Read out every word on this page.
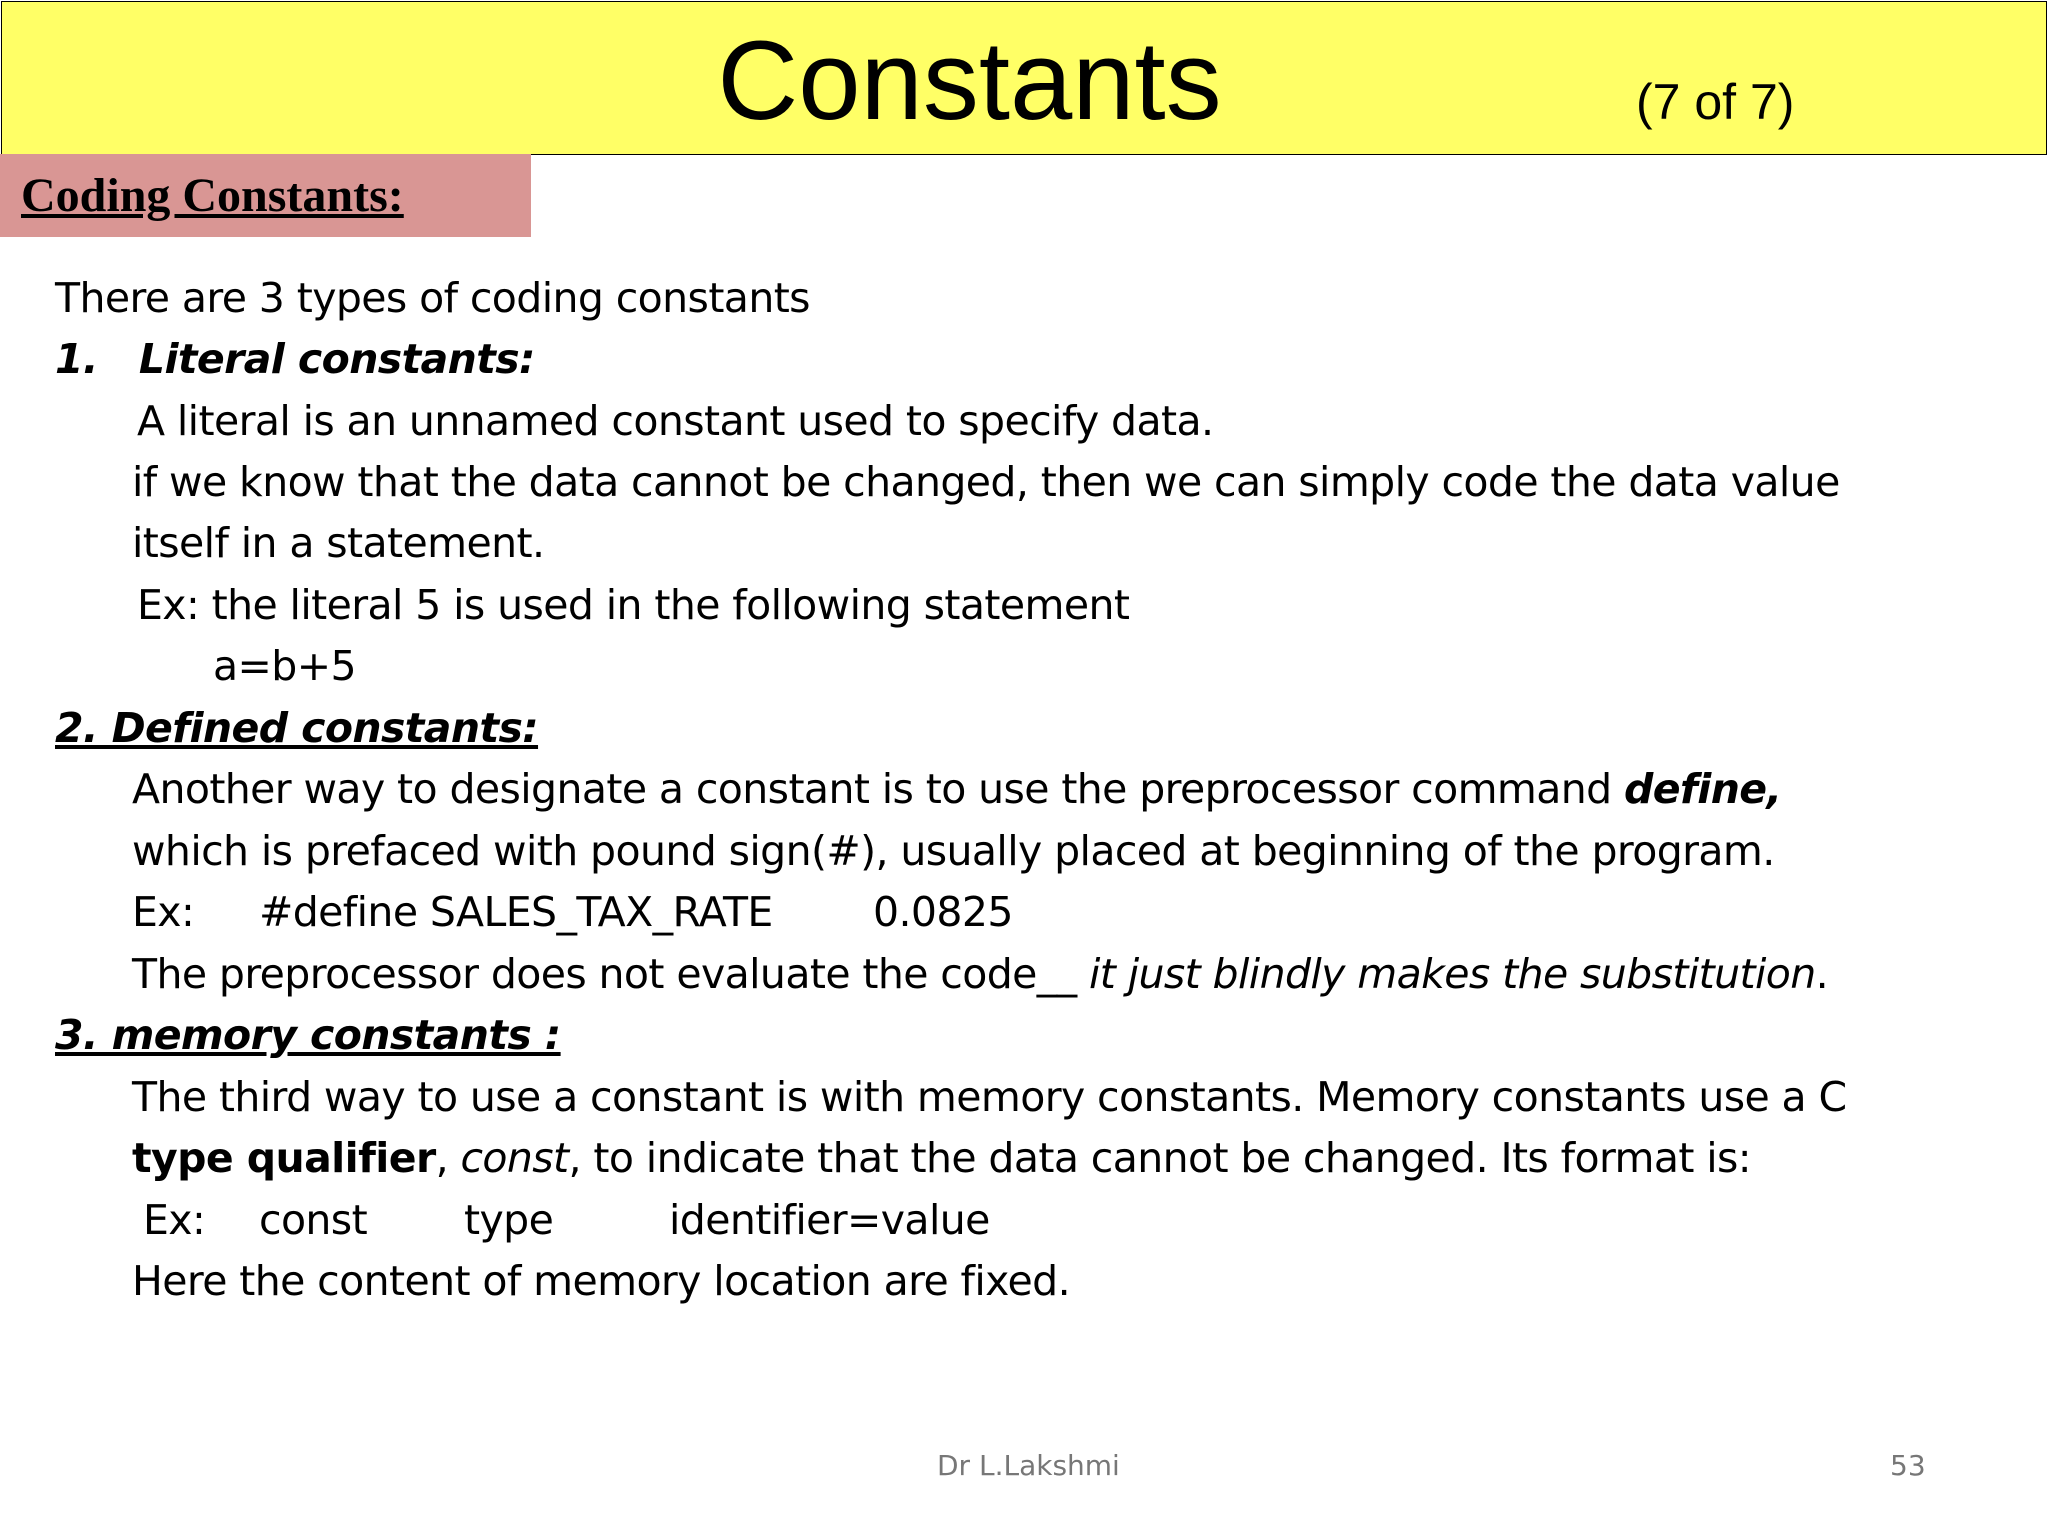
Constants	(7 of 7)
Coding Constants:
There are 3 types of coding constants
1.   Literal constants:
A literal is an unnamed constant used to specify data.
if we know that the data cannot be changed, then we can simply code the data value
itself in a statement.
Ex: the literal 5 is used in the following statement
a=b+5
2. Defined constants:
Another way to designate a constant is to use the preprocessor command define,
which is prefaced with pound sign(#), usually placed at beginning of the program.
Ex: #define SALES_TAX_RATE 0.0825
The preprocessor does not evaluate the code__ it just blindly makes the substitution.
3. memory constants :
The third way to use a constant is with memory constants. Memory constants use a C
type qualifier, const, to indicate that the data cannot be changed. Its format is:
Ex: const type	identifier=value
Here the content of memory location are fixed.
Dr L.Lakshmi	53
